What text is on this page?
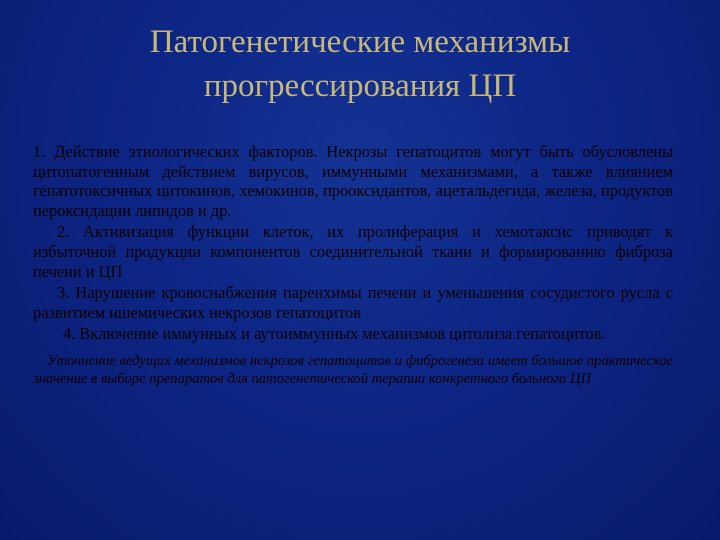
Патогенетические механизмы
прогрессирования ЦП

1. Действие этиологических факторов. Некрозы гепатоцитов могут быть обусловлены цитопатогенным действием вирусов, иммунными механизмами, а также влиянием гепатотоксичных цитокинов, хемокинов, прооксидантов, ацетальдегида, железа, продуктов пероксидации липидов и др.

2. Активизация функции клеток, их пролиферация и хемотаксис приводят к избыточной продукции компонентов соединительной ткани и формированию фиброза печени и ЦП

3. Нарушение кровоснабжения паренхимы печени и уменьшения сосудистого русла с развитием ишемических некрозов гепатоцитов

4. Включение иммунных и аутоиммунных механизмов цитолиза гепатоцитов.

Уточнение ведущих механизмов некрозов гепатоцитов и фиброгенеза имеет большое практическое значение в выборе препаратов для патогенетической терапии конкретного больного ЦП
